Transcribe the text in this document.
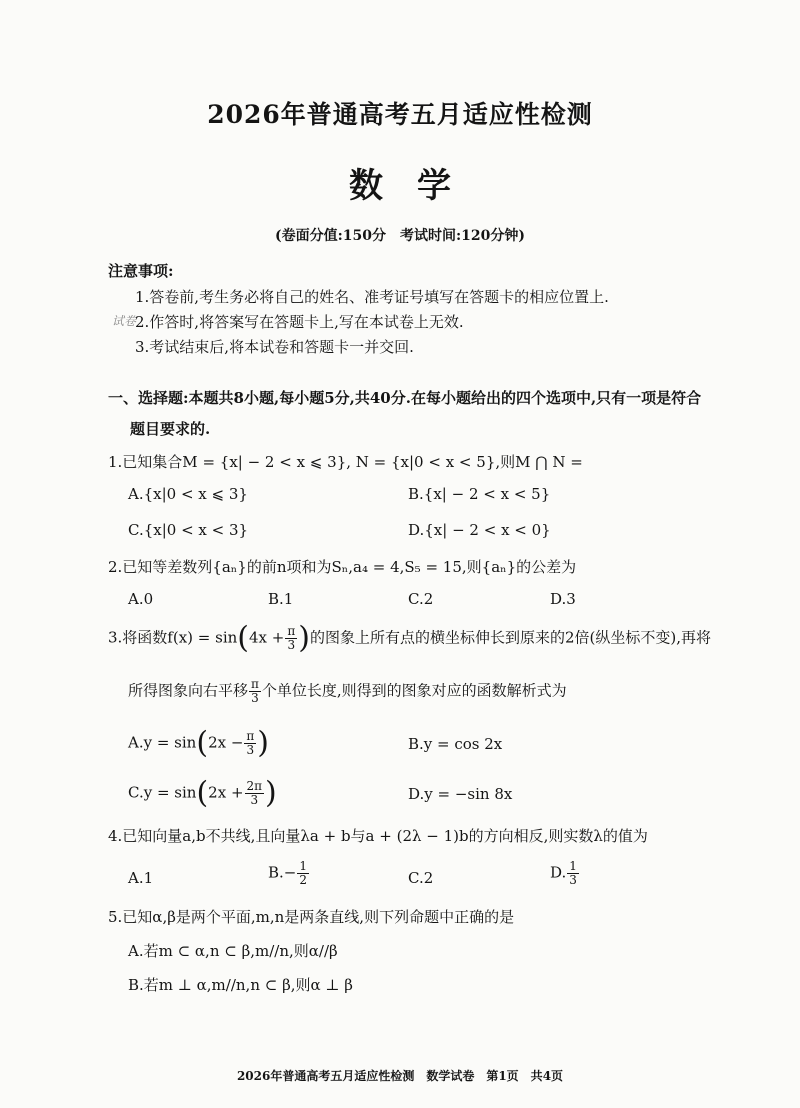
2026年普通高考五月适应性检测
数学
(卷面分值:150分　考试时间:120分钟)
注意事项:
1.答卷前,考生务必将自己的姓名、准考证号填写在答题卡的相应位置上.
试卷
2.作答时,将答案写在答题卡上,写在本试卷上无效.
3.考试结束后,将本试卷和答题卡一并交回.
一、选择题:本题共8小题,每小题5分,共40分.在每小题给出的四个选项中,只有一项是符合
题目要求的.
1.已知集合M = {x| − 2 < x ⩽ 3}, N = {x|0 < x < 5},则M ⋂ N =
A.{x|0 < x ⩽ 3}	B.{x| − 2 < x < 5}
C.{x|0 < x < 3}	D.{x| − 2 < x < 0}
2.已知等差数列{aₙ}的前n项和为Sₙ,a₄ = 4,S₅ = 15,则{aₙ}的公差为
A.0	B.1	C.2	D.3
3.将函数$f(x) = \sin(4x + \frac{\pi}{3}$ )的图象上所有点的横坐标伸长到原来的2倍(纵坐标不变),再将
所得图象向右平移 $\frac{\pi}{3}$ 个单位长度,则得到的图象对应的函数解析式为
$A.y = \sin(2x - \frac{\pi}{3}$ )	B.y = cos 2x
$C.y = \sin(2x + \frac{2\pi}{3}$ )	D.y = −sin 8x
4.已知向量a,b不共线,且向量λa + b与a + (2λ − 1)b的方向相反,则实数λ的值为
A.1	$B.- \frac{1}{2}$	C.2	D. $\frac{1}{3}$
5.已知α,β是两个平面,m,n是两条直线,则下列命题中正确的是
A.若m ⊂ α,n ⊂ β,m//n,则α//β
B.若m ⊥ α,m//n,n ⊂ β,则α ⊥ β
2026年普通高考五月适应性检测　数学试卷　第1页　共4页
